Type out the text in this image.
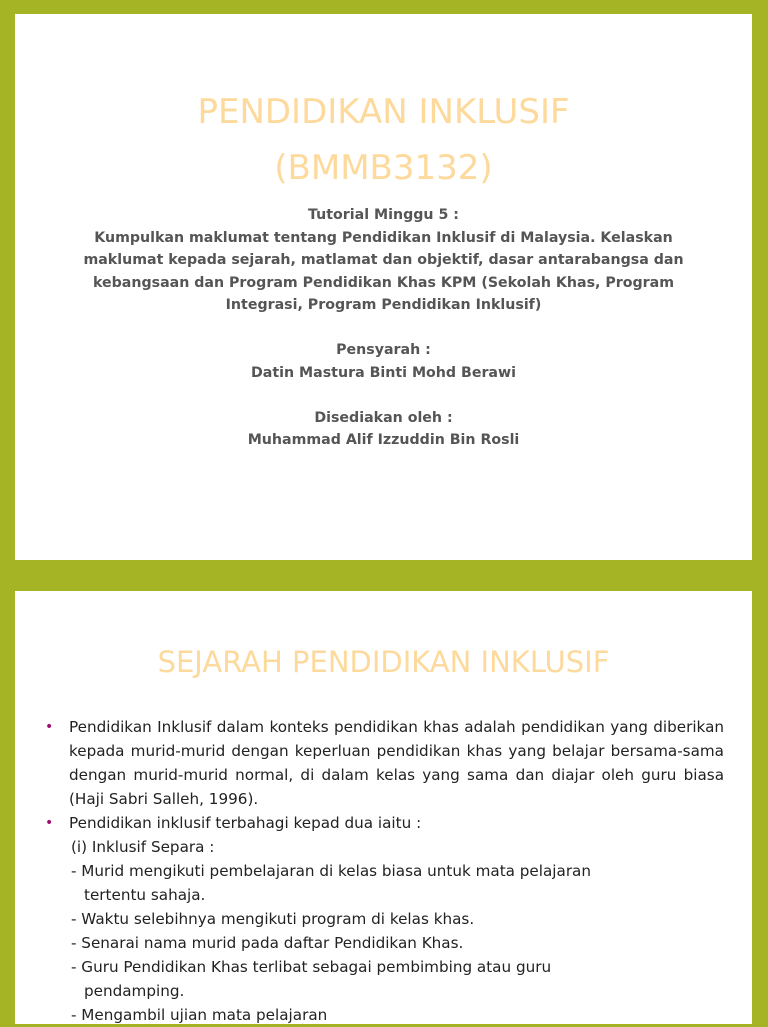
PENDIDIKAN INKLUSIF
(BMMB3132)
Tutorial Minggu 5 :
Kumpulkan maklumat tentang Pendidikan Inklusif di Malaysia. Kelaskan maklumat kepada sejarah, matlamat dan objektif, dasar antarabangsa dan kebangsaan dan Program Pendidikan Khas KPM (Sekolah Khas, Program Integrasi, Program Pendidikan Inklusif)
Pensyarah :
Datin Mastura Binti Mohd Berawi
Disediakan oleh :
Muhammad Alif Izzuddin Bin Rosli
SEJARAH PENDIDIKAN INKLUSIF
• Pendidikan Inklusif dalam konteks pendidikan khas adalah pendidikan yang diberikan kepada murid-murid dengan keperluan pendidikan khas yang belajar bersama-sama dengan murid-murid normal, di dalam kelas yang sama dan diajar oleh guru biasa (Haji Sabri Salleh, 1996).
• Pendidikan inklusif terbahagi kepad dua iaitu :
(i) Inklusif Separa :
- Murid mengikuti pembelajaran di kelas biasa untuk mata pelajaran
tertentu sahaja.
- Waktu selebihnya mengikuti program di kelas khas.
- Senarai nama murid pada daftar Pendidikan Khas.
- Guru Pendidikan Khas terlibat sebagai pembimbing atau guru
pendamping.
- Mengambil ujian mata pelajaran
